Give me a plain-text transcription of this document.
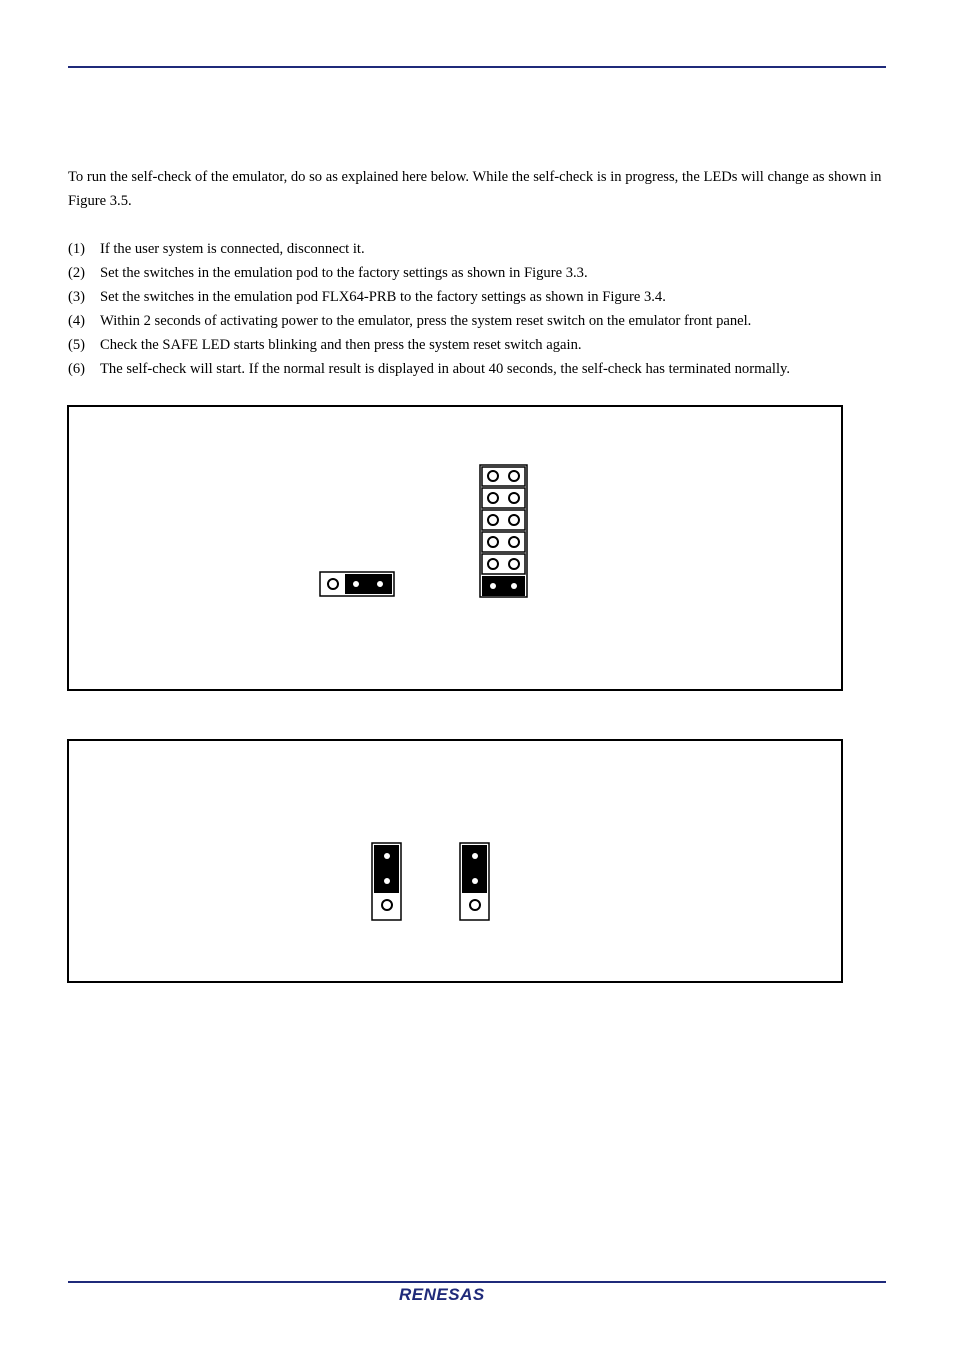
To run the self-check of the emulator, do so as explained here below. While the self-check is in progress, the LEDs will change as shown in Figure 3.5.

(1) If the user system is connected, disconnect it.
(2) Set the switches in the emulation pod to the factory settings as shown in Figure 3.3.
(3) Set the switches in the emulation pod FLX64-PRB to the factory settings as shown in Figure 3.4.
(4) Within 2 seconds of activating power to the emulator, press the system reset switch on the emulator front panel.
(5) Check the SAFE LED starts blinking and then press the system reset switch again.
(6) The self-check will start. If the normal result is displayed in about 40 seconds, the self-check has terminated normally.
RENESAS
